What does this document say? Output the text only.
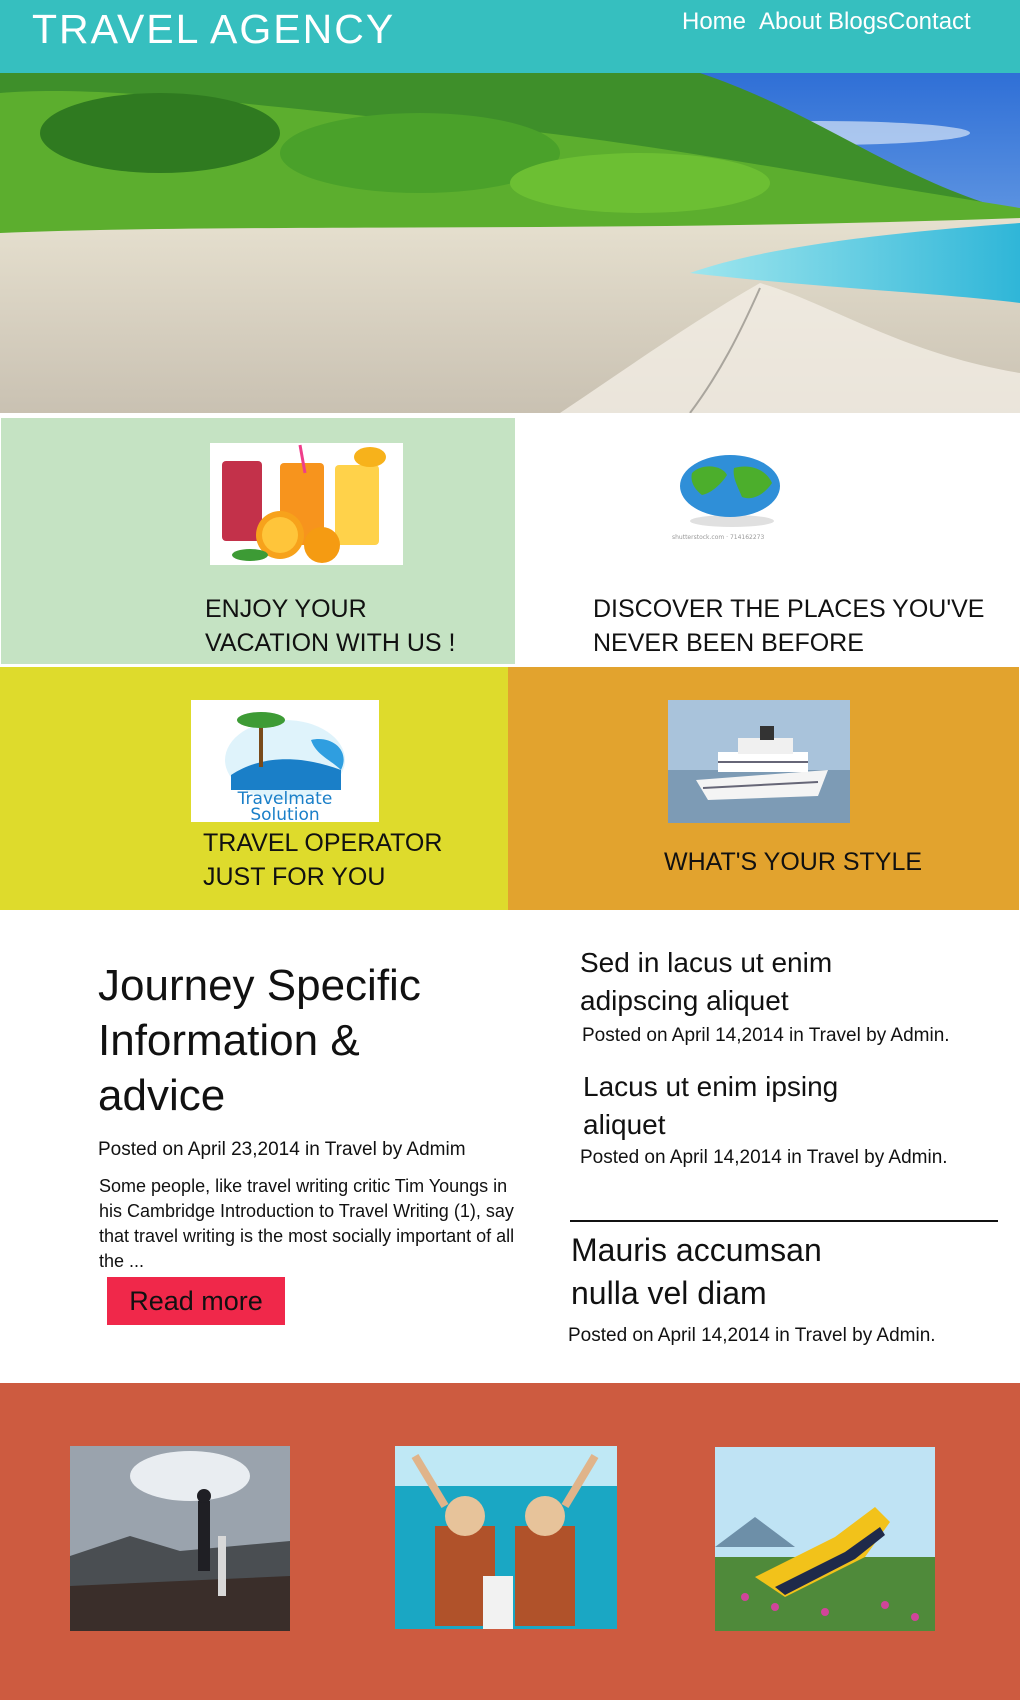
TRAVEL AGENCY	Home About Blogs Contact
ENJOY YOUR
VACATION WITH US !
shutterstock.com · 714162273
DISCOVER THE PLACES YOU'VE
NEVER BEEN BEFORE
Travelmate
Solution
TRAVEL OPERATOR
JUST FOR YOU
WHAT'S YOUR STYLE
Journey Specific
Information &
advice
Posted on April 23,2014 in Travel by Admim
Some people, like travel writing critic Tim Youngs in his Cambridge Introduction to Travel Writing (1), say that travel writing is the most socially important of all the ...
Read more
Sed in lacus ut enim
adipscing aliquet
Posted on April 14,2014 in Travel by Admin.
Lacus ut enim ipsing
aliquet
Posted on April 14,2014 in Travel by Admin.
Mauris accumsan
nulla vel diam
Posted on April 14,2014 in Travel by Admin.
